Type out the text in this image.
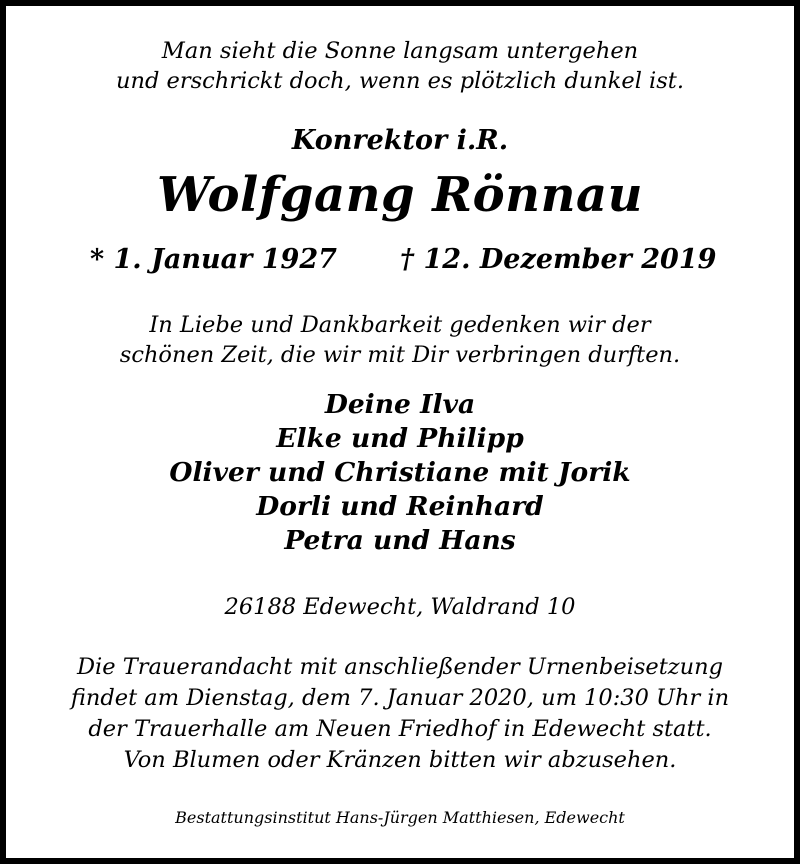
Man sieht die Sonne langsam untergehen
und erschrickt doch, wenn es plötzlich dunkel ist.
Konrektor i.R.
Wolfgang Rönnau
* 1. Januar 1927 † 12. Dezember 2019
In Liebe und Dankbarkeit gedenken wir der
schönen Zeit, die wir mit Dir verbringen durften.
Deine Ilva
Elke und Philipp
Oliver und Christiane mit Jorik
Dorli und Reinhard
Petra und Hans
26188 Edewecht, Waldrand 10
Die Trauerandacht mit anschließender Urnenbeisetzung
findet am Dienstag, dem 7. Januar 2020, um 10:30 Uhr in
der Trauerhalle am Neuen Friedhof in Edewecht statt.
Von Blumen oder Kränzen bitten wir abzusehen.
Bestattungsinstitut Hans-Jürgen Matthiesen, Edewecht
